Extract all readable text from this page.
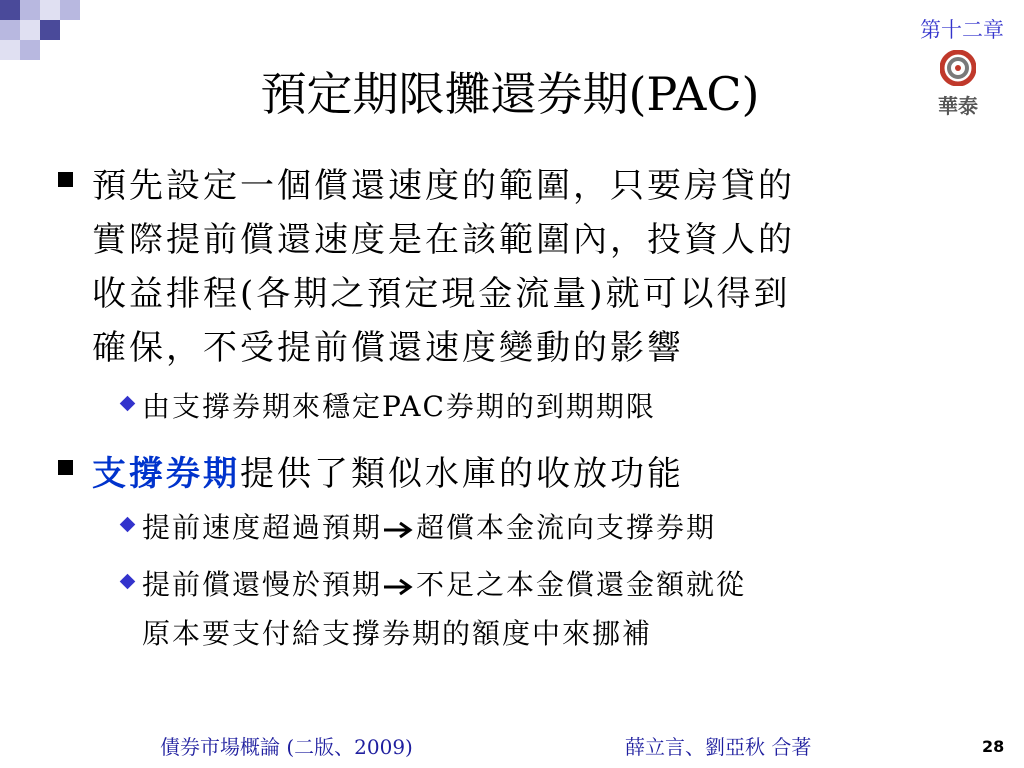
第十二章
華泰
預定期限攤還券期(PAC)
預先設定一個償還速度的範圍，只要房貸的
實際提前償還速度是在該範圍內，投資人的
收益排程(各期之預定現金流量)就可以得到
確保，不受提前償還速度變動的影響
由支撐券期來穩定PAC券期的到期期限
支撐券期提供了類似水庫的收放功能
提前速度超過預期 超償本金流向支撐券期
提前償還慢於預期 不足之本金償還金額就從
原本要支付給支撐券期的額度中來挪補
債券市場概論 (二版、2009)	薛立言、劉亞秋 合著	28
